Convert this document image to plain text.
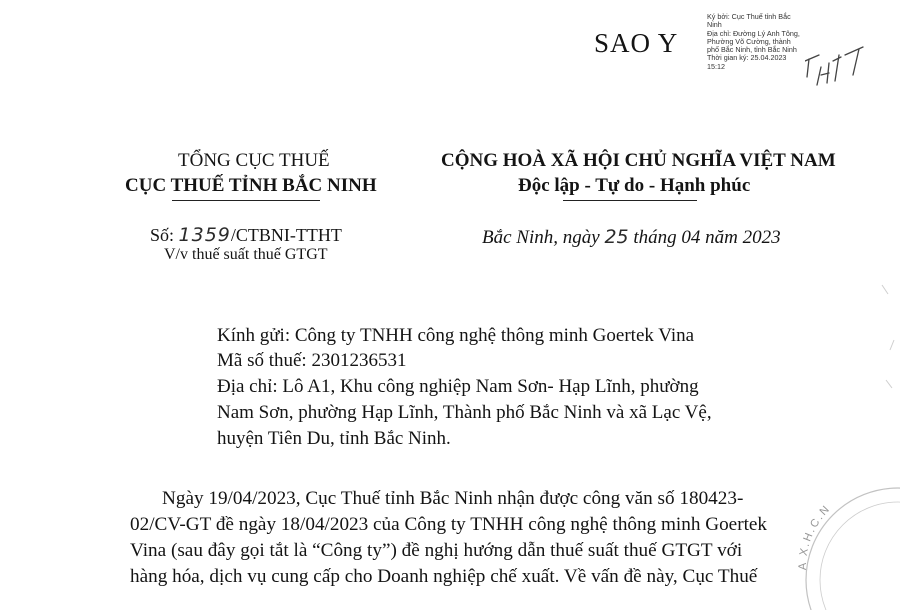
SAO Y
Ký bởi: Cục Thuế tỉnh Bắc
Ninh
Địa chỉ: Đường Lý Anh Tông,
Phường Võ Cường, thành
phố Bắc Ninh, tỉnh Bắc Ninh
Thời gian ký: 25.04.2023
15:12
TỔNG CỤC THUẾ
CỤC THUẾ TỈNH BẮC NINH
CỘNG HOÀ XÃ HỘI CHỦ NGHĨA VIỆT NAM
Độc lập - Tự do - Hạnh phúc
Số: 1359/CTBNI-TTHT
V/v thuế suất thuế GTGT
Bắc Ninh, ngày 25 tháng 04 năm 2023
Kính gửi: Công ty TNHH công nghệ thông minh Goertek Vina
Mã số thuế: 2301236531
Địa chỉ: Lô A1, Khu công nghiệp Nam Sơn- Hạp Lĩnh, phường
Nam Sơn, phường Hạp Lĩnh, Thành phố Bắc Ninh và xã Lạc Vệ,
huyện Tiên Du, tỉnh Bắc Ninh.
Ngày 19/04/2023, Cục Thuế tỉnh Bắc Ninh nhận được công văn số 180423-
02/CV-GT đề ngày 18/04/2023 của Công ty TNHH công nghệ thông minh Goertek
Vina (sau đây gọi tắt là “Công ty”) đề nghị hướng dẫn thuế suất thuế GTGT với
hàng hóa, dịch vụ cung cấp cho Doanh nghiệp chế xuất. Về vấn đề này, Cục Thuế
A X.H.C.N
